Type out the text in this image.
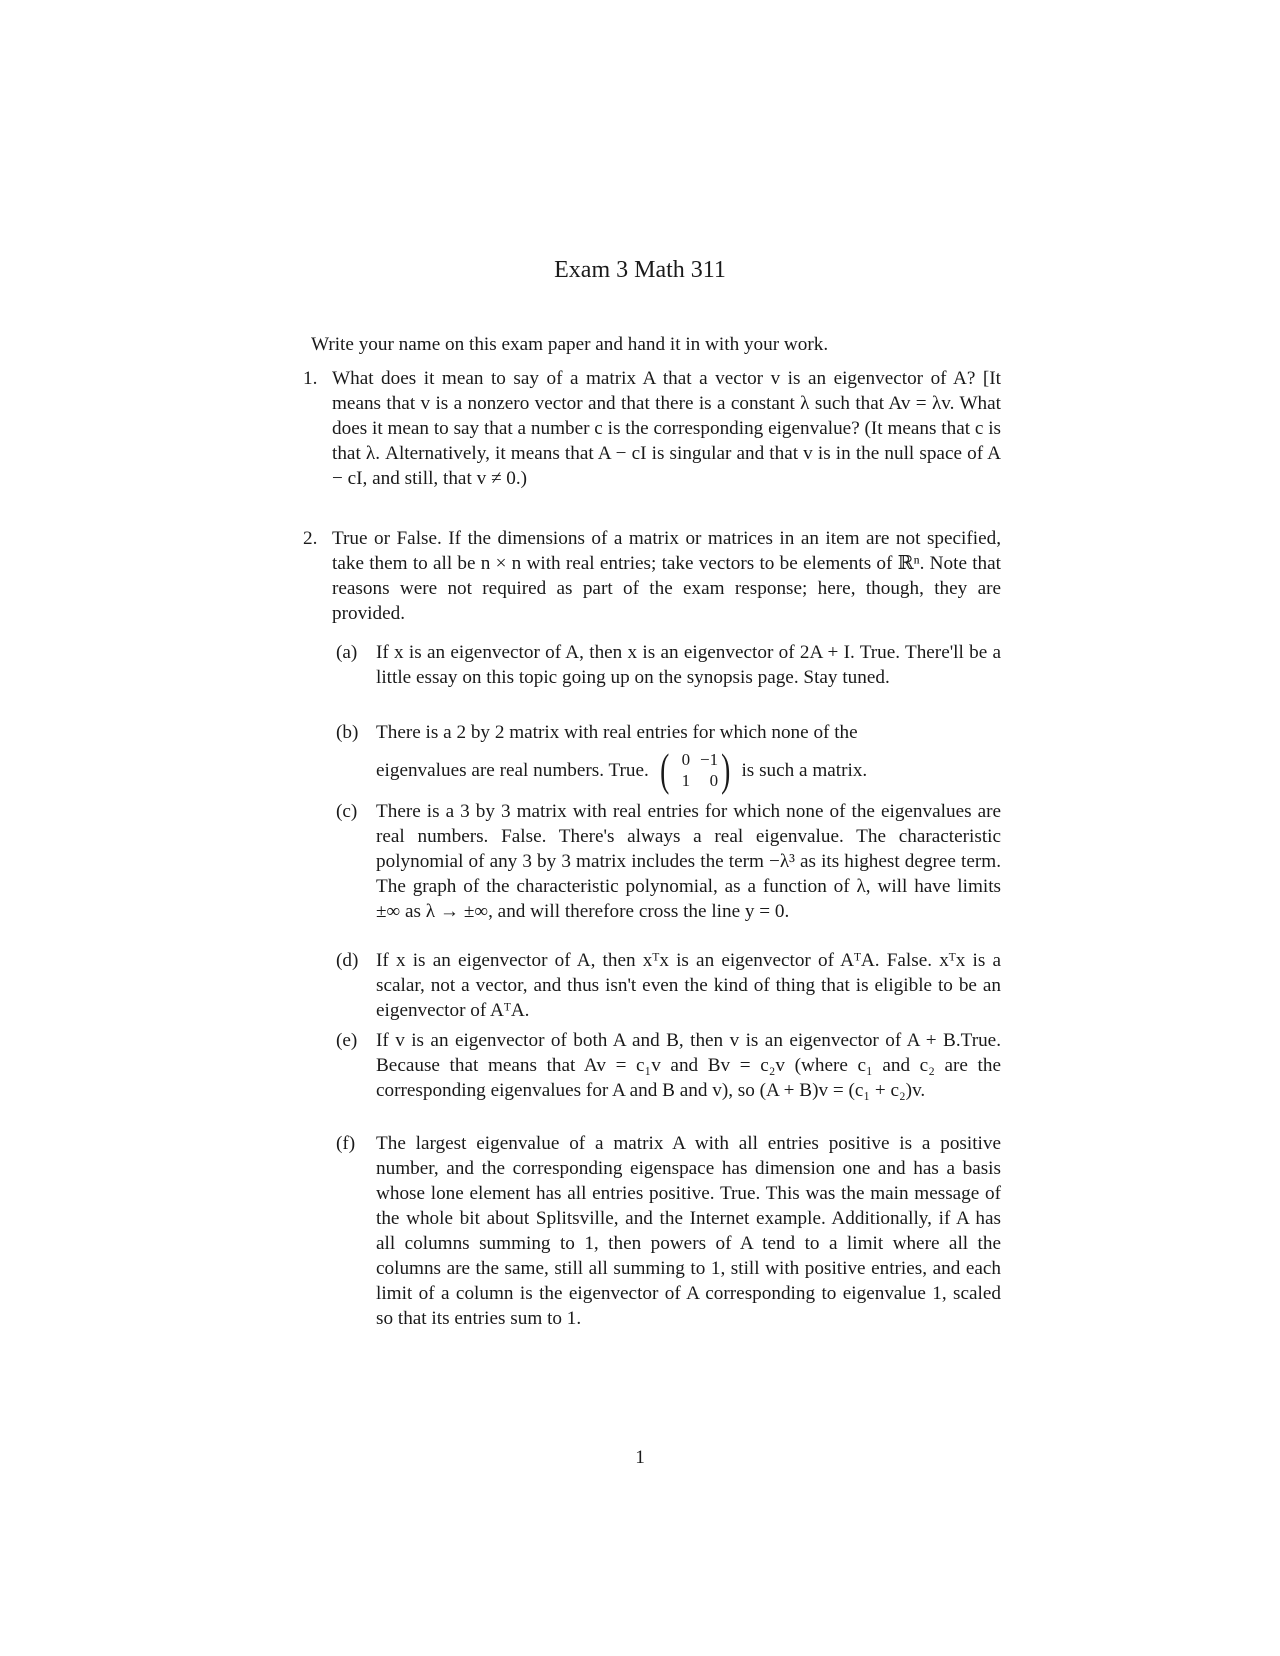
Exam 3 Math 311
Write your name on this exam paper and hand it in with your work.
1. What does it mean to say of a matrix A that a vector v is an eigenvector of A? [It means that v is a nonzero vector and that there is a constant λ such that Av = λv. What does it mean to say that a number c is the corresponding eigenvalue? (It means that c is that λ. Alternatively, it means that A − cI is singular and that v is in the null space of A − cI, and still, that v ≠ 0.)
2. True or False. If the dimensions of a matrix or matrices in an item are not specified, take them to all be n × n with real entries; take vectors to be elements of ℝⁿ. Note that reasons were not required as part of the exam response; here, though, they are provided.
(a) If x is an eigenvector of A, then x is an eigenvector of 2A + I. True. There'll be a little essay on this topic going up on the synopsis page. Stay tuned.
(b) There is a 2 by 2 matrix with real entries for which none of the
eigenvalues are real numbers. True. ( 0 −1
1	0 ) is such a matrix.
(c) There is a 3 by 3 matrix with real entries for which none of the eigenvalues are real numbers. False. There's always a real eigenvalue. The characteristic polynomial of any 3 by 3 matrix includes the term −λ³ as its highest degree term. The graph of the characteristic polynomial, as a function of λ, will have limits ±∞ as λ → ±∞, and will therefore cross the line y = 0.
(d) If x is an eigenvector of A, then xᵀx is an eigenvector of AᵀA. False. xᵀx is a scalar, not a vector, and thus isn't even the kind of thing that is eligible to be an eigenvector of AᵀA.
(e) If v is an eigenvector of both A and B, then v is an eigenvector of A + B.True. Because that means that Av = c₁v and Bv = c₂v (where c₁ and c₂ are the corresponding eigenvalues for A and B and v), so (A + B)v = (c₁ + c₂)v.
(f)	The largest eigenvalue of a matrix A with all entries positive is a positive number, and the corresponding eigenspace has dimension one and has a basis whose lone element has all entries positive. True. This was the main message of the whole bit about Splitsville, and the Internet example. Additionally, if A has all columns summing to 1, then powers of A tend to a limit where all the columns are the same, still all summing to 1, still with positive entries, and each limit of a column is the eigenvector of A corresponding to eigenvalue 1, scaled so that its entries sum to 1.
1
